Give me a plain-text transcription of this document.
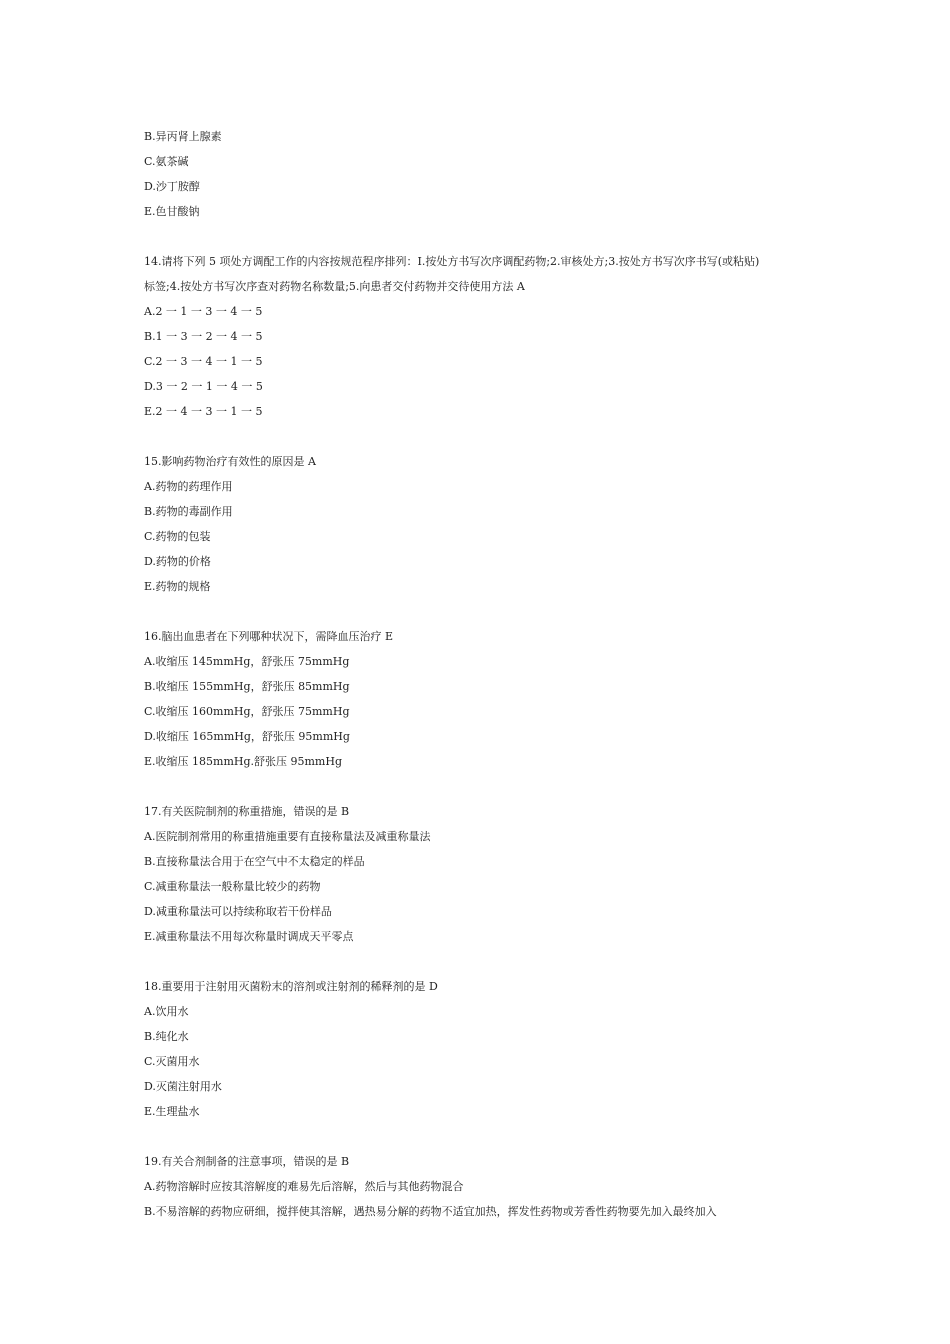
B.异丙肾上腺素
C.氨茶碱
D.沙丁胺醇
E.色甘酸钠
14.请将下列 5 项处方调配工作的内容按规范程序排列：I.按处方书写次序调配药物;2.审核处方;3.按处方书写次序书写(或粘贴)
标签;4.按处方书写次序查对药物名称数量;5.向患者交付药物并交待使用方法 A
A.2 一 1 一 3 一 4 一 5
B.1 一 3 一 2 一 4 一 5
C.2 一 3 一 4 一 1 一 5
D.3 一 2 一 1 一 4 一 5
E.2 一 4 一 3 一 1 一 5
15.影响药物治疗有效性的原因是 A
A.药物的药理作用
B.药物的毒副作用
C.药物的包装
D.药物的价格
E.药物的规格
16.脑出血患者在下列哪种状况下，需降血压治疗 E
A.收缩压 145mmHg，舒张压 75mmHg
B.收缩压 155mmHg，舒张压 85mmHg
C.收缩压 160mmHg，舒张压 75mmHg
D.收缩压 165mmHg，舒张压 95mmHg
E.收缩压 185mmHg.舒张压 95mmHg
17.有关医院制剂的称重措施，错误的是 B
A.医院制剂常用的称重措施重要有直接称量法及减重称量法
B.直接称量法合用于在空气中不太稳定的样品
C.减重称量法一般称量比较少的药物
D.减重称量法可以持续称取若干份样品
E.减重称量法不用每次称量时调成天平零点
18.重要用于注射用灭菌粉末的溶剂或注射剂的稀释剂的是 D
A.饮用水
B.纯化水
C.灭菌用水
D.灭菌注射用水
E.生理盐水
19.有关合剂制备的注意事项，错误的是 B
A.药物溶解时应按其溶解度的难易先后溶解，然后与其他药物混合
B.不易溶解的药物应研细，搅拌使其溶解，遇热易分解的药物不适宜加热，挥发性药物或芳香性药物要先加入最终加入
